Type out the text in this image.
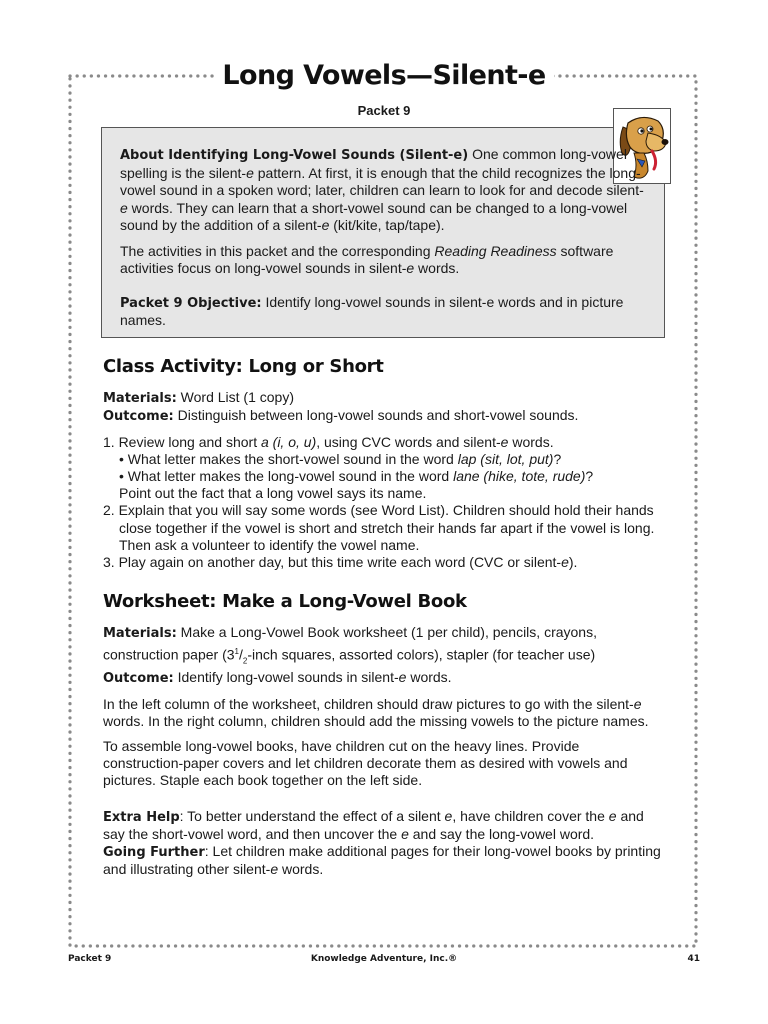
Long Vowels—Silent-e
Packet 9

About Identifying Long-Vowel Sounds (Silent-e) One common long-vowel spelling is the silent-e pattern. At first, it is enough that the child recognizes the long-vowel sound in a spoken word; later, children can learn to look for and decode silent-e words. They can learn that a short-vowel sound can be changed to a long-vowel sound by the addition of a silent-e (kit/kite, tap/tape).

The activities in this packet and the corresponding Reading Readiness software activities focus on long-vowel sounds in silent-e words.

Packet 9 Objective: Identify long-vowel sounds in silent-e words and in picture names.

Class Activity: Long or Short

Materials: Word List (1 copy)

Outcome: Distinguish between long-vowel sounds and short-vowel sounds.

1. Review long and short a (i, o, u), using CVC words and silent-e words.
• What letter makes the short-vowel sound in the word lap (sit, lot, put)?
• What letter makes the long-vowel sound in the word lane (hike, tote, rude)?
Point out the fact that a long vowel says its name.
2. Explain that you will say some words (see Word List). Children should hold their hands
close together if the vowel is short and stretch their hands far apart if the vowel is long.
Then ask a volunteer to identify the vowel name.
3. Play again on another day, but this time write each word (CVC or silent-e).
Worksheet: Make a Long-Vowel Book

Materials: Make a Long-Vowel Book worksheet (1 per child), pencils, crayons, construction paper ($3^1/_2$-inch squares, assorted colors), stapler (for teacher use)

Outcome: Identify long-vowel sounds in silent-e words.

In the left column of the worksheet, children should draw pictures to go with the silent-e words. In the right column, children should add the missing vowels to the picture names.

To assemble long-vowel books, have children cut on the heavy lines. Provide construction-paper covers and let children decorate them as desired with vowels and pictures. Staple each book together on the left side.

Extra Help: To better understand the effect of a silent e, have children cover the e and say the short-vowel word, and then uncover the e and say the long-vowel word.

Going Further: Let children make additional pages for their long-vowel books by printing and illustrating other silent-e words.

Packet 9	Knowledge Adventure, Inc.®	41
